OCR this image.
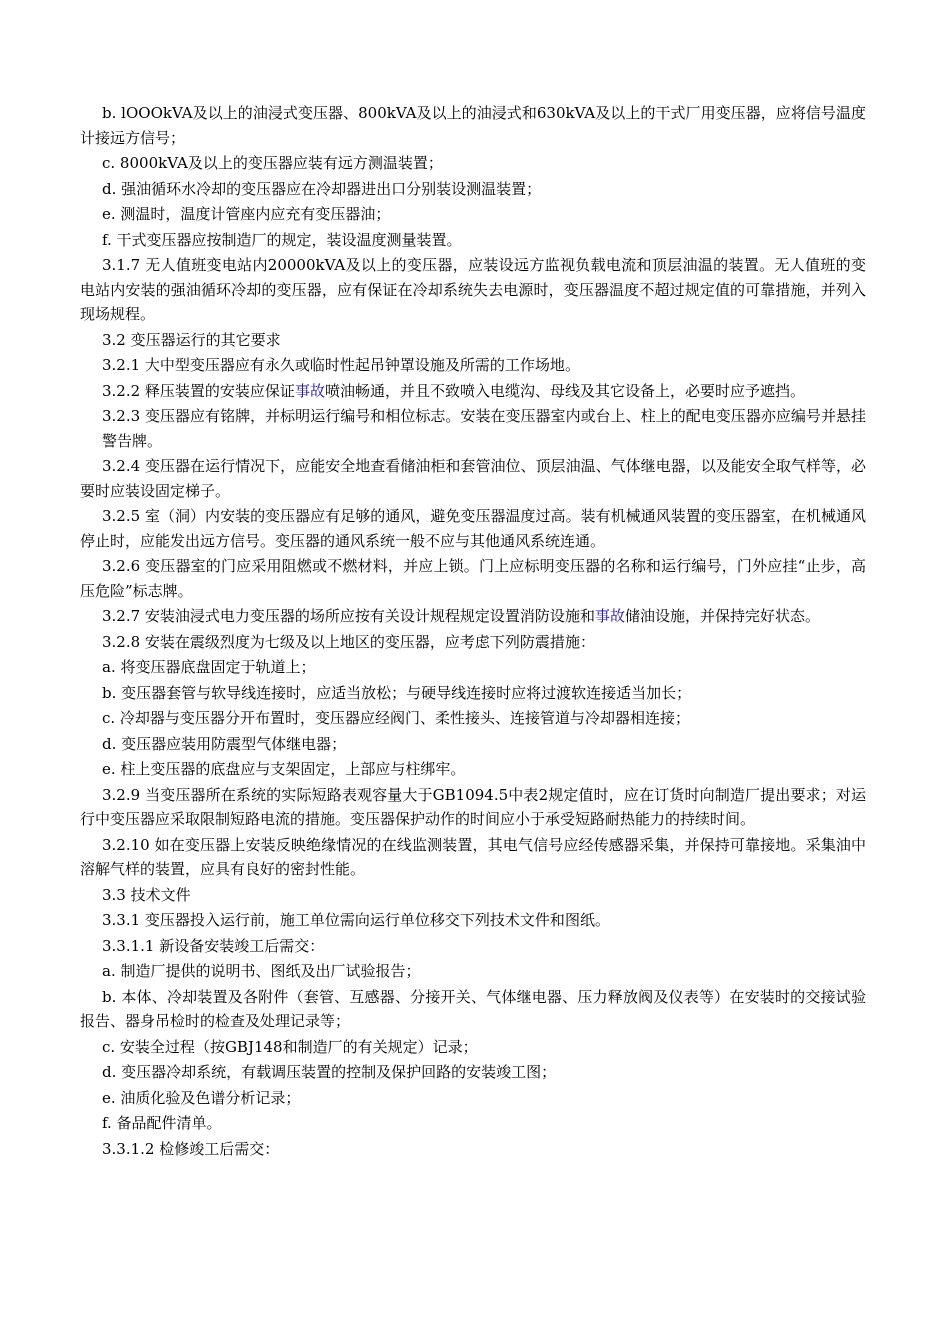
b. lOOOkVA及以上的油浸式变压器、800kVA及以上的油浸式和630kVA及以上的干式厂用变压器，应将信号温度计接远方信号；

c. 8000kVA及以上的变压器应装有远方测温装置；

d. 强油循环水冷却的变压器应在冷却器进出口分别装设测温装置；

e. 测温时，温度计管座内应充有变压器油；

f. 干式变压器应按制造厂的规定，装设温度测量装置。

3.1.7 无人值班变电站内20000kVA及以上的变压器，应装设远方监视负载电流和顶层油温的装置。无人值班的变电站内安装的强油循环冷却的变压器，应有保证在冷却系统失去电源时，变压器温度不超过规定值的可靠措施，并列入现场规程。

3.2 变压器运行的其它要求

3.2.1 大中型变压器应有永久或临时性起吊钟罩设施及所需的工作场地。

3.2.2 释压装置的安装应保证事故喷油畅通，并且不致喷入电缆沟、母线及其它设备上，必要时应予遮挡。

3.2.3 变压器应有铭牌，并标明运行编号和相位标志。安装在变压器室内或台上、柱上的配电变压器亦应编号并悬挂警告牌。

3.2.4 变压器在运行情况下，应能安全地查看储油柜和套管油位、顶层油温、气体继电器，以及能安全取气样等，必要时应装设固定梯子。

3.2.5 室（洞）内安装的变压器应有足够的通风，避免变压器温度过高。装有机械通风装置的变压器室，在机械通风停止时，应能发出远方信号。变压器的通风系统一般不应与其他通风系统连通。

3.2.6 变压器室的门应采用阻燃或不燃材料，并应上锁。门上应标明变压器的名称和运行编号，门外应挂“止步，高压危险”标志牌。

3.2.7 安装油浸式电力变压器的场所应按有关设计规程规定设置消防设施和事故储油设施，并保持完好状态。

3.2.8 安装在震级烈度为七级及以上地区的变压器，应考虑下列防震措施：

a. 将变压器底盘固定于轨道上；

b. 变压器套管与软导线连接时，应适当放松；与硬导线连接时应将过渡软连接适当加长；

c. 冷却器与变压器分开布置时，变压器应经阀门、柔性接头、连接管道与冷却器相连接；

d. 变压器应装用防震型气体继电器；

e. 柱上变压器的底盘应与支架固定，上部应与柱绑牢。

3.2.9 当变压器所在系统的实际短路表观容量大于GB1094.5中表2规定值时，应在订货时向制造厂提出要求；对运行中变压器应采取限制短路电流的措施。变压器保护动作的时间应小于承受短路耐热能力的持续时间。

3.2.10 如在变压器上安装反映绝缘情况的在线监测装置，其电气信号应经传感器采集，并保持可靠接地。采集油中溶解气样的装置，应具有良好的密封性能。

3.3 技术文件

3.3.1 变压器投入运行前，施工单位需向运行单位移交下列技术文件和图纸。

3.3.1.1 新设备安装竣工后需交：

a. 制造厂提供的说明书、图纸及出厂试验报告；

b. 本体、冷却装置及各附件（套管、互感器、分接开关、气体继电器、压力释放阀及仪表等）在安装时的交接试验报告、器身吊检时的检查及处理记录等；

c. 安装全过程（按GBJ148和制造厂的有关规定）记录；

d. 变压器冷却系统，有载调压装置的控制及保护回路的安装竣工图；

e. 油质化验及色谱分析记录；

f. 备品配件清单。

3.3.1.2 检修竣工后需交：
